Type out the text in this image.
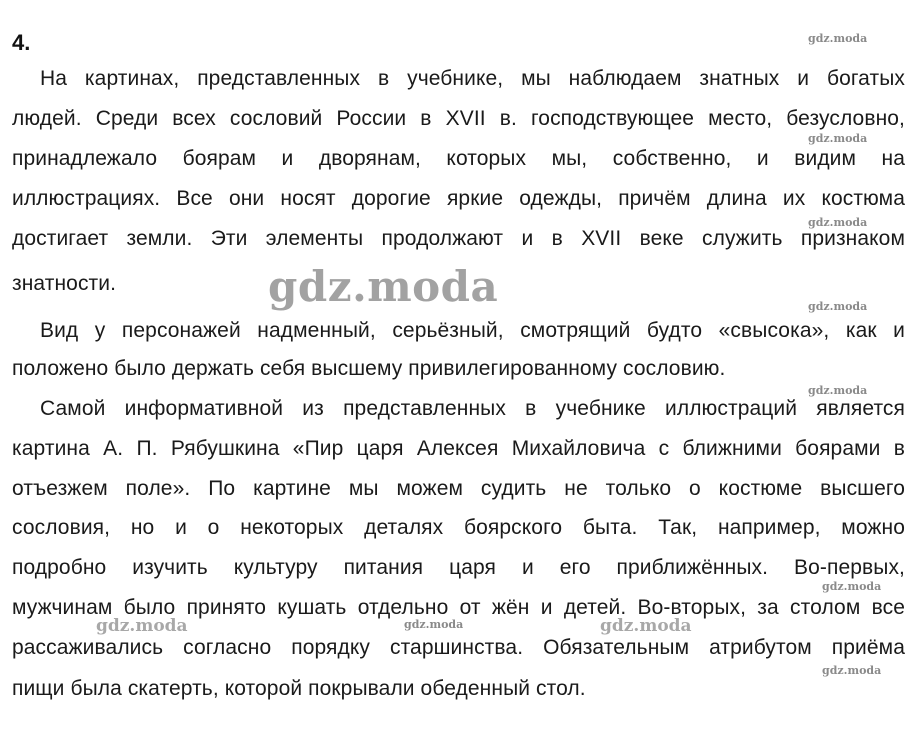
4.
На картинах, представленных в учебнике, мы наблюдаем знатных и богатых
людей. Среди всех сословий России в XVII в. господствующее место, безусловно,
принадлежало боярам и дворянам, которых мы, собственно, и видим на
иллюстрациях. Все они носят дорогие яркие одежды, причём длина их костюма
достигает земли. Эти элементы продолжают и в XVII веке служить признаком
знатности.
Вид у персонажей надменный, серьёзный, смотрящий будто «свысока», как и
положено было держать себя высшему привилегированному сословию.
Самой информативной из представленных в учебнике иллюстраций является
картина А. П. Рябушкина «Пир царя Алексея Михайловича с ближними боярами в
отъезжем поле». По картине мы можем судить не только о костюме высшего
сословия, но и о некоторых деталях боярского быта. Так, например, можно
подробно изучить культуру питания царя и его приближённых. Во-первых,
мужчинам было принято кушать отдельно от жён и детей. Во-вторых, за столом все
рассаживались согласно порядку старшинства. Обязательным атрибутом приёма
пищи была скатерть, которой покрывали обеденный стол.
gdz.moda
gdz.moda
gdz.moda
gdz.moda
gdz.moda
gdz.moda
gdz.moda
gdz.moda
gdz.moda	gdz.moda	gdz.moda
